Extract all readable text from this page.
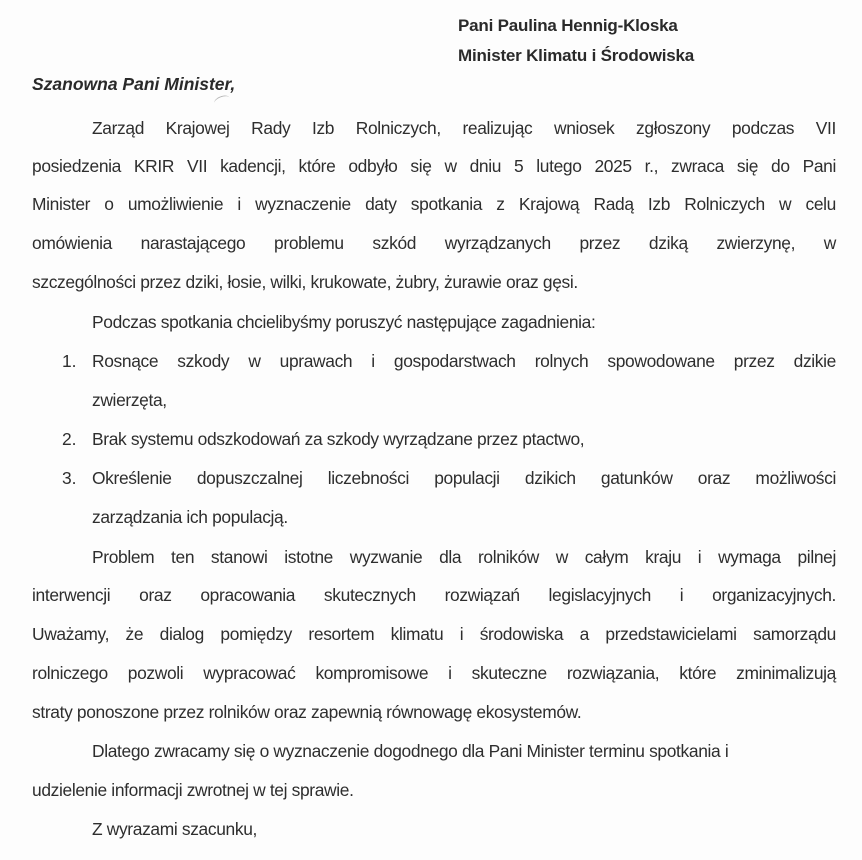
Pani Paulina Hennig-Kloska
Minister Klimatu i Środowiska
Szanowna Pani Minister,
Zarząd Krajowej Rady Izb Rolniczych, realizując wniosek zgłoszony podczas VII
posiedzenia KRIR VII kadencji, które odbyło się w dniu 5 lutego 2025 r., zwraca się do Pani
Minister o umożliwienie i wyznaczenie daty spotkania z Krajową Radą Izb Rolniczych w celu
omówienia narastającego problemu szkód wyrządzanych przez dziką zwierzynę, w
szczególności przez dziki, łosie, wilki, krukowate, żubry, żurawie oraz gęsi.
Podczas spotkania chcielibyśmy poruszyć następujące zagadnienia:
1. Rosnące szkody w uprawach i gospodarstwach rolnych spowodowane przez dzikie
zwierzęta,
2. Brak systemu odszkodowań za szkody wyrządzane przez ptactwo,
3. Określenie dopuszczalnej liczebności populacji dzikich gatunków oraz możliwości
zarządzania ich populacją.
Problem ten stanowi istotne wyzwanie dla rolników w całym kraju i wymaga pilnej
interwencji oraz opracowania skutecznych rozwiązań legislacyjnych i organizacyjnych.
Uważamy, że dialog pomiędzy resortem klimatu i środowiska a przedstawicielami samorządu
rolniczego pozwoli wypracować kompromisowe i skuteczne rozwiązania, które zminimalizują
straty ponoszone przez rolników oraz zapewnią równowagę ekosystemów.
Dlatego zwracamy się o wyznaczenie dogodnego dla Pani Minister terminu spotkania i
udzielenie informacji zwrotnej w tej sprawie.
Z wyrazami szacunku,
